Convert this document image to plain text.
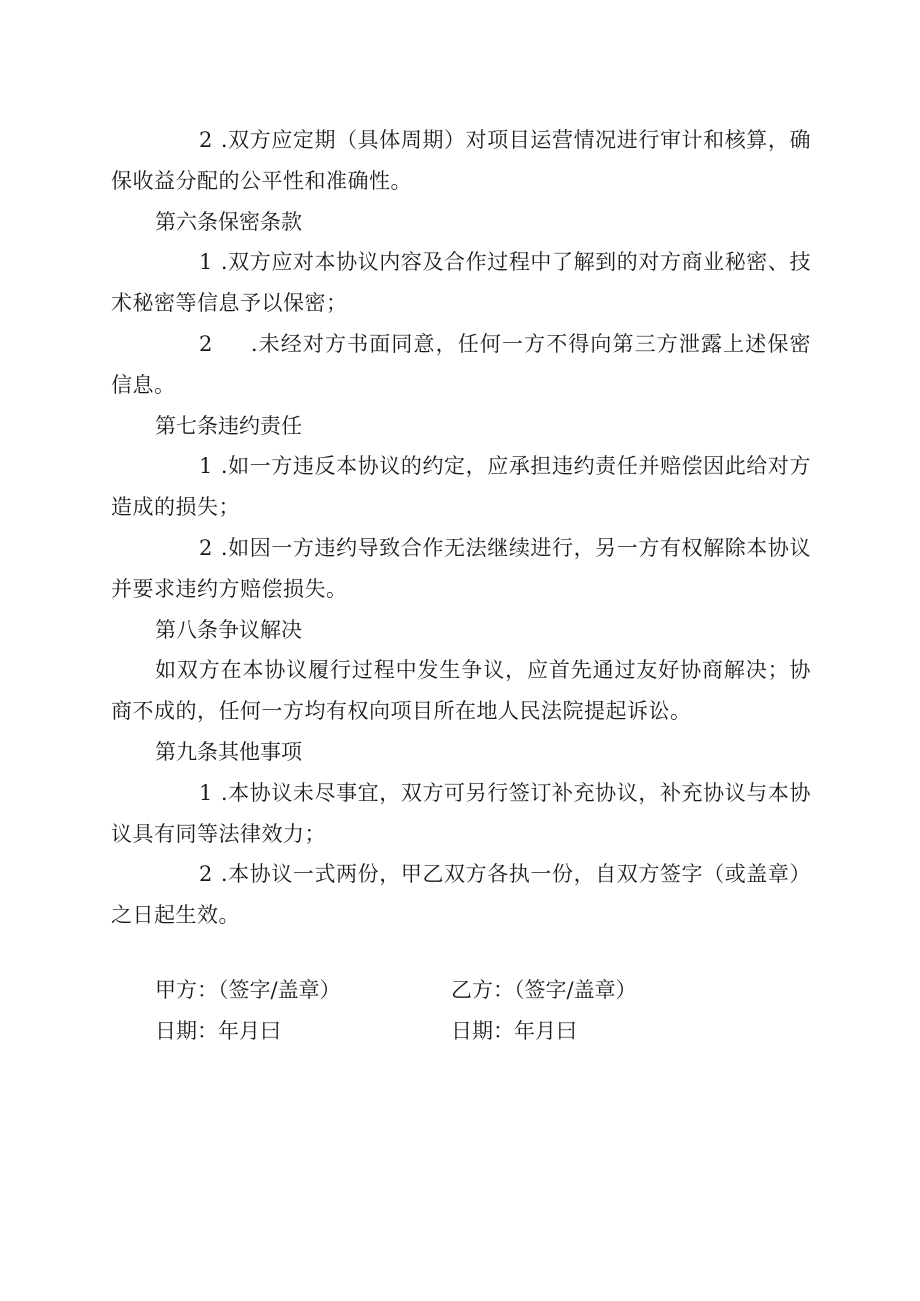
2 .双方应定期（具体周期）对项目运营情况进行审计和核算，确保收益分配的公平性和准确性。

第六条保密条款

1 .双方应对本协议内容及合作过程中了解到的对方商业秘密、技术秘密等信息予以保密；

2 .未经对方书面同意，任何一方不得向第三方泄露上述保密信息。

第七条违约责任

1 .如一方违反本协议的约定，应承担违约责任并赔偿因此给对方造成的损失；

2 .如因一方违约导致合作无法继续进行，另一方有权解除本协议并要求违约方赔偿损失。

第八条争议解决

如双方在本协议履行过程中发生争议，应首先通过友好协商解决；协商不成的，任何一方均有权向项目所在地人民法院提起诉讼。

第九条其他事项

1 .本协议未尽事宜，双方可另行签订补充协议，补充协议与本协议具有同等法律效力；

2 .本协议一式两份，甲乙双方各执一份，自双方签字（或盖章）之日起生效。

甲方：（签字/盖章）	乙方：（签字/盖章）
日期：年月曰	日期：年月曰
